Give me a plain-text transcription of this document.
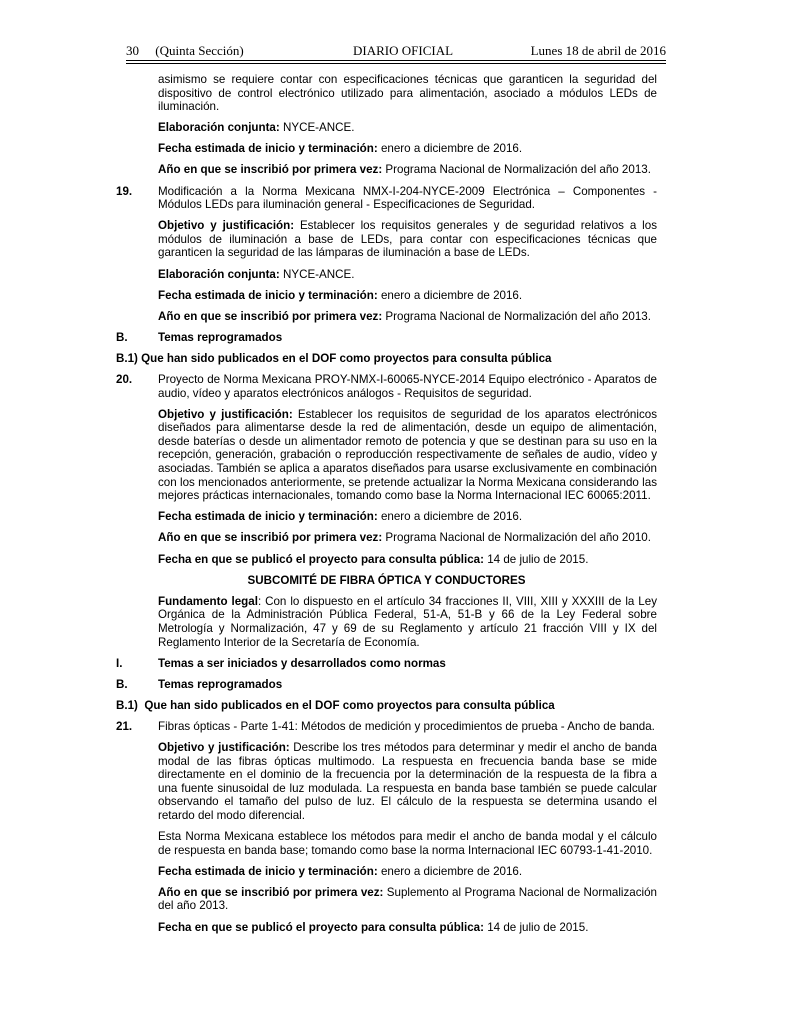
30     (Quinta Sección)	DIARIO OFICIAL	Lunes 18 de abril de 2016

asimismo se requiere contar con especificaciones técnicas que garanticen la seguridad del dispositivo de control electrónico utilizado para alimentación, asociado a módulos LEDs de iluminación.

Elaboración conjunta: NYCE-ANCE.

Fecha estimada de inicio y terminación: enero a diciembre de 2016.

Año en que se inscribió por primera vez: Programa Nacional de Normalización del año 2013.

19. Modificación a la Norma Mexicana NMX-I-204-NYCE-2009 Electrónica – Componentes - Módulos LEDs para iluminación general - Especificaciones de Seguridad.

Objetivo y justificación: Establecer los requisitos generales y de seguridad relativos a los módulos de iluminación a base de LEDs, para contar con especificaciones técnicas que garanticen la seguridad de las lámparas de iluminación a base de LEDs.

Elaboración conjunta: NYCE-ANCE.

Fecha estimada de inicio y terminación: enero a diciembre de 2016.

Año en que se inscribió por primera vez: Programa Nacional de Normalización del año 2013.

B.	Temas reprogramados
B.1) Que han sido publicados en el DOF como proyectos para consulta pública
20. Proyecto de Norma Mexicana PROY-NMX-I-60065-NYCE-2014 Equipo electrónico - Aparatos de audio, vídeo y aparatos electrónicos análogos - Requisitos de seguridad.

Objetivo y justificación: Establecer los requisitos de seguridad de los aparatos electrónicos diseñados para alimentarse desde la red de alimentación, desde un equipo de alimentación, desde baterías o desde un alimentador remoto de potencia y que se destinan para su uso en la recepción, generación, grabación o reproducción respectivamente de señales de audio, vídeo y asociadas. También se aplica a aparatos diseñados para usarse exclusivamente en combinación con los mencionados anteriormente, se pretende actualizar la Norma Mexicana considerando las mejores prácticas internacionales, tomando como base la Norma Internacional IEC 60065:2011.

Fecha estimada de inicio y terminación: enero a diciembre de 2016.

Año en que se inscribió por primera vez: Programa Nacional de Normalización del año 2010.

Fecha en que se publicó el proyecto para consulta pública: 14 de julio de 2015.

SUBCOMITÉ DE FIBRA ÓPTICA Y CONDUCTORES

Fundamento legal: Con lo dispuesto en el artículo 34 fracciones II, VIII, XIII y XXXIII de la Ley Orgánica de la Administración Pública Federal, 51-A, 51-B y 66 de la Ley Federal sobre Metrología y Normalización, 47 y 69 de su Reglamento y artículo 21 fracción VIII y IX del Reglamento Interior de la Secretaría de Economía.

I.	Temas a ser iniciados y desarrollados como normas
B.	Temas reprogramados
B.1)  Que han sido publicados en el DOF como proyectos para consulta pública
21. Fibras ópticas - Parte 1-41: Métodos de medición y procedimientos de prueba - Ancho de banda.

Objetivo y justificación: Describe los tres métodos para determinar y medir el ancho de banda modal de las fibras ópticas multimodo. La respuesta en frecuencia banda base se mide directamente en el dominio de la frecuencia por la determinación de la respuesta de la fibra a una fuente sinusoidal de luz modulada. La respuesta en banda base también se puede calcular observando el tamaño del pulso de luz. El cálculo de la respuesta se determina usando el retardo del modo diferencial.

Esta Norma Mexicana establece los métodos para medir el ancho de banda modal y el cálculo de respuesta en banda base; tomando como base la norma Internacional IEC 60793-1-41-2010.

Fecha estimada de inicio y terminación: enero a diciembre de 2016.

Año en que se inscribió por primera vez: Suplemento al Programa Nacional de Normalización del año 2013.

Fecha en que se publicó el proyecto para consulta pública: 14 de julio de 2015.
